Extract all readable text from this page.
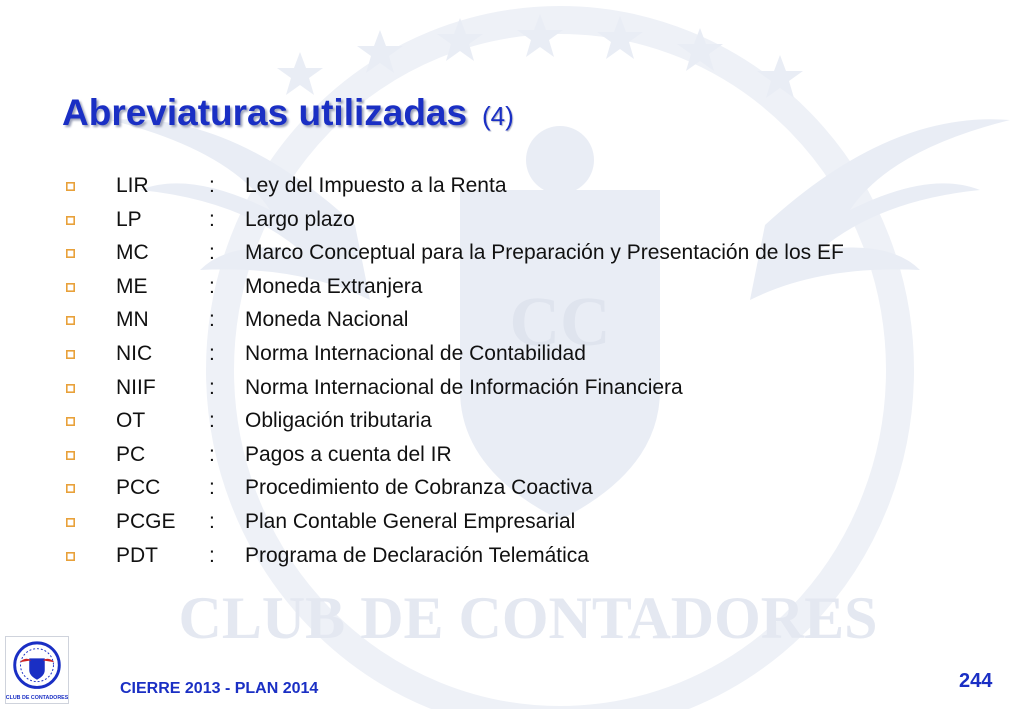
CC
CLUB DE CONTADORES
Abreviaturas utilizadas (4)
LIR	:	Ley del Impuesto a la Renta
LP	:	Largo plazo
MC	:	Marco Conceptual para la Preparación y Presentación de los EF
ME	:	Moneda Extranjera
MN	:	Moneda Nacional
NIC	:	Norma Internacional de Contabilidad
NIIF	:	Norma Internacional de Información Financiera
OT	:	Obligación tributaria
PC	:	Pagos a cuenta del IR
PCC :	Procedimiento de Cobranza Coactiva
PCGE :	Plan Contable General Empresarial
PDT :	Programa de Declaración Telemática
CLUB DE CONTADORES
CIERRE 2013 - PLAN 2014	244
